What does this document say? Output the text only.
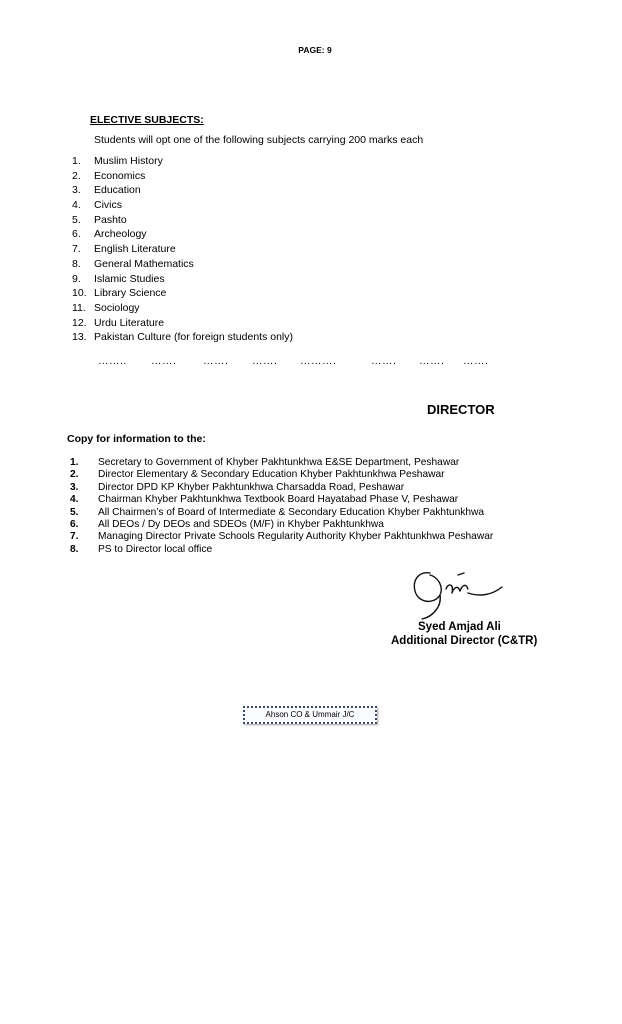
PAGE: 9
ELECTIVE SUBJECTS:
Students will opt one of the following subjects carrying 200 marks each
1. Muslim History
2. Economics
3. Education
4. Civics
5. Pashto
6. Archeology
7. English Literature
8. General Mathematics
9. Islamic Studies
10. Library Science
11. Sociology
12. Urdu Literature
13. Pakistan Culture (for foreign students only)
…….. …….	……. ……. ……….	……. ……. …….
DIRECTOR
Copy for information to the:
1. Secretary to Government of Khyber Pakhtunkhwa E&SE Department, Peshawar
2. Director Elementary & Secondary Education Khyber Pakhtunkhwa Peshawar
3. Director DPD KP Khyber Pakhtunkhwa Charsadda Road, Peshawar
4. Chairman Khyber Pakhtunkhwa Textbook Board Hayatabad Phase V, Peshawar
5. All Chairmen’s of Board of Intermediate & Secondary Education Khyber Pakhtunkhwa
6. All DEOs / Dy DEOs and SDEOs (M/F) in Khyber Pakhtunkhwa
7. Managing Director Private Schools Regularity Authority Khyber Pakhtunkhwa Peshawar
8. PS to Director local office
Syed Amjad Ali
Additional Director (C&TR)
Ahson CO & Ummair J/C
